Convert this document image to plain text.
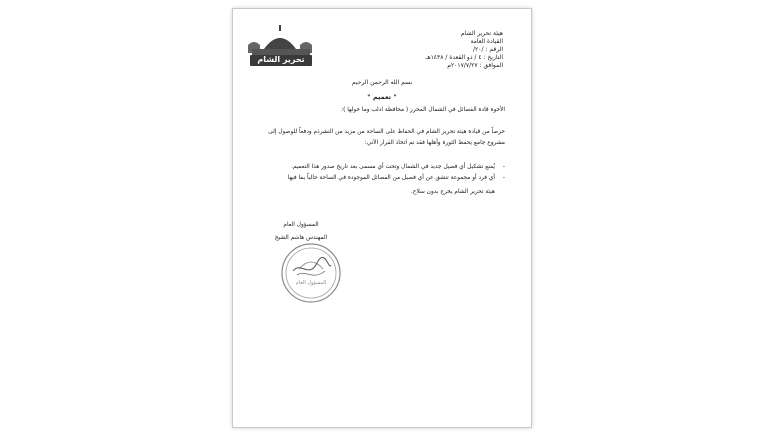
تحرير الشام
هيئة تحرير الشام
القيادة العامة
الرقم : /٢٠/
التاريخ : ٤ / ذو القعدة / ١٤٣٨هـ
الموافق : ٢٠١٧/٧/٢٧م
بسم الله الرحمن الرحيم
" تعميم "
الأخوة قادة الفصائل في الشمال المحرر ( محافظة ادلب وما حولها ):

حرصاً من قيادة هيئة تحرير الشام في الحفاظ على الساحة من مزيد من التشرذم ودفعاً للوصول إلى مشروع جامع يحفظ الثورة وأهلها فقد تم اتخاذ القرار الآتي:

- يُمنع تشكيل أي فصيل جديد في الشمال وتحت أي مسمى بعد تاريخ صدور هذا التعميم.
- أي فرد أو مجموعة تنشق عن أي فصيل من الفصائل الموجودة في الساحة حالياً بما فيها
هيئة تحرير الشام يخرج بدون سلاح.
المسؤول العام
المهندس هاشم الشيخ
المسؤول العام
